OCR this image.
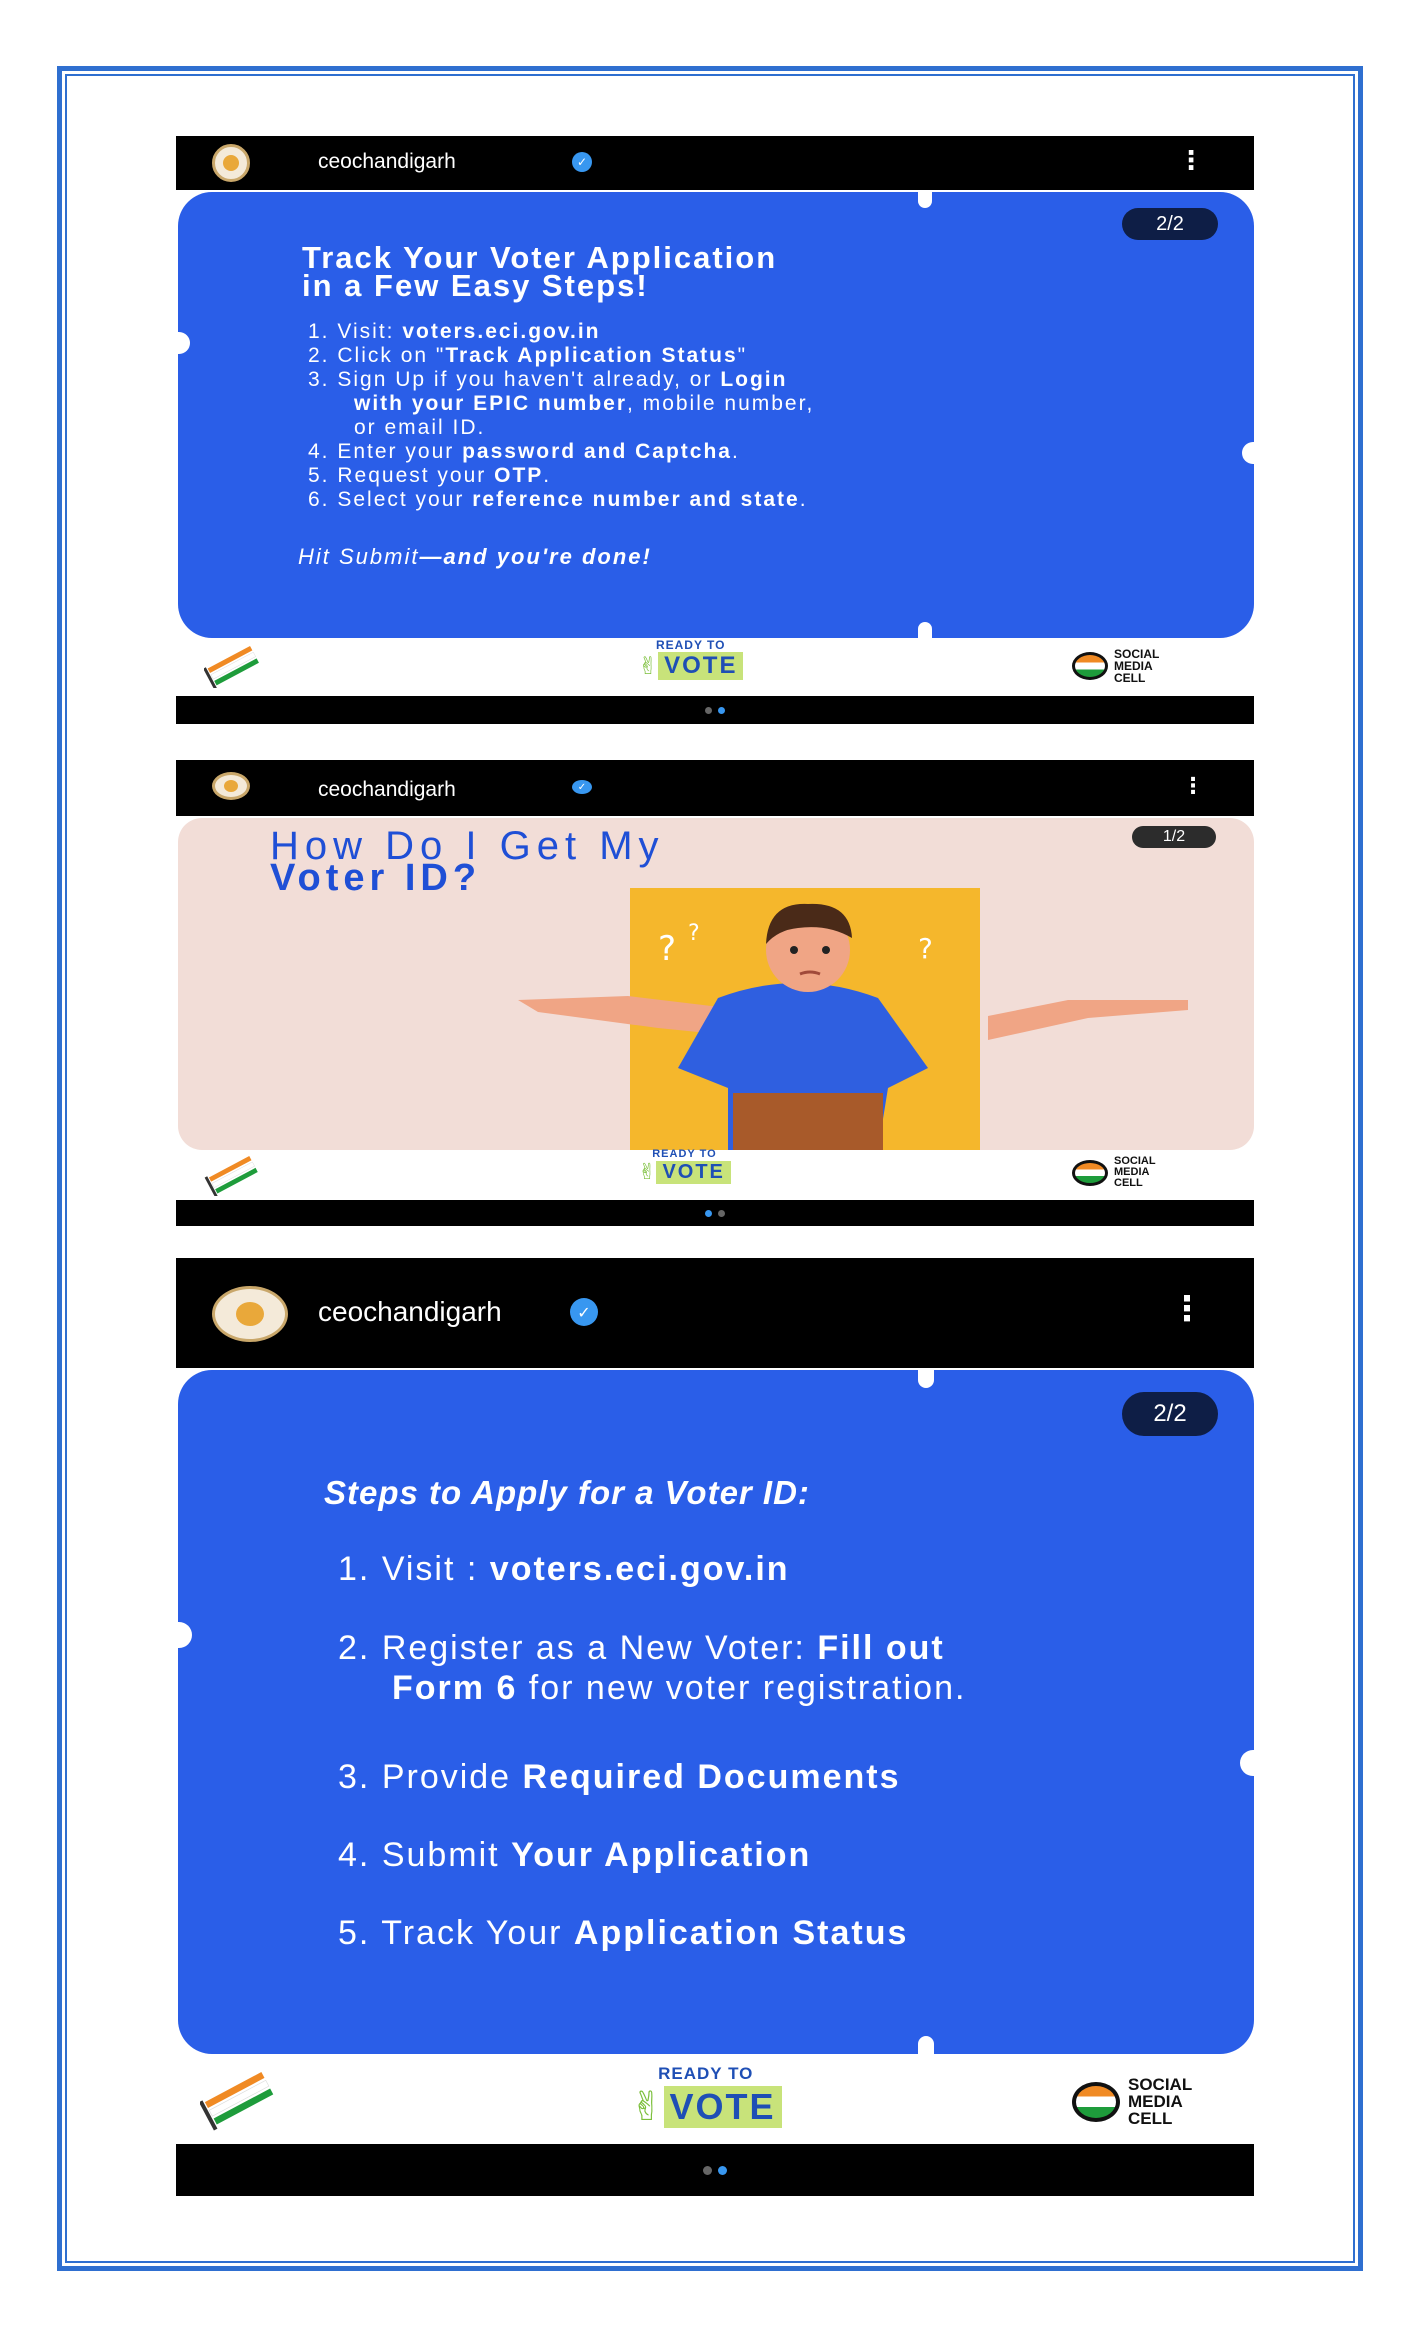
ceochandigarh	✓	⋮
2/2
Track Your Voter Application
in a Few Easy Steps!
1. Visit: voters.eci.gov.in
2. Click on "Track Application Status"
3. Sign Up if you haven't already, or Login
with your EPIC number, mobile number,
or email ID.
4. Enter your password and Captcha.
5. Request your OTP.
6. Select your reference number and state.
Hit Submit—and you're done!
READY TO
✌ VOTE	SOCIAL
MEDIA
CELL
ceochandigarh	✓	⋮
1/2
How Do I Get My
Voter ID?
? ?	?
READY TO
✌ VOTE	SOCIAL
MEDIA
CELL
ceochandigarh	✓	⋮
2/2
Steps to Apply for a Voter ID:
1. Visit : voters.eci.gov.in
2. Register as a New Voter: Fill out
Form 6 for new voter registration.
3. Provide Required Documents
4. Submit Your Application
5. Track Your Application Status
READY TO
✌ VOTE
SOCIAL
MEDIA
CELL
